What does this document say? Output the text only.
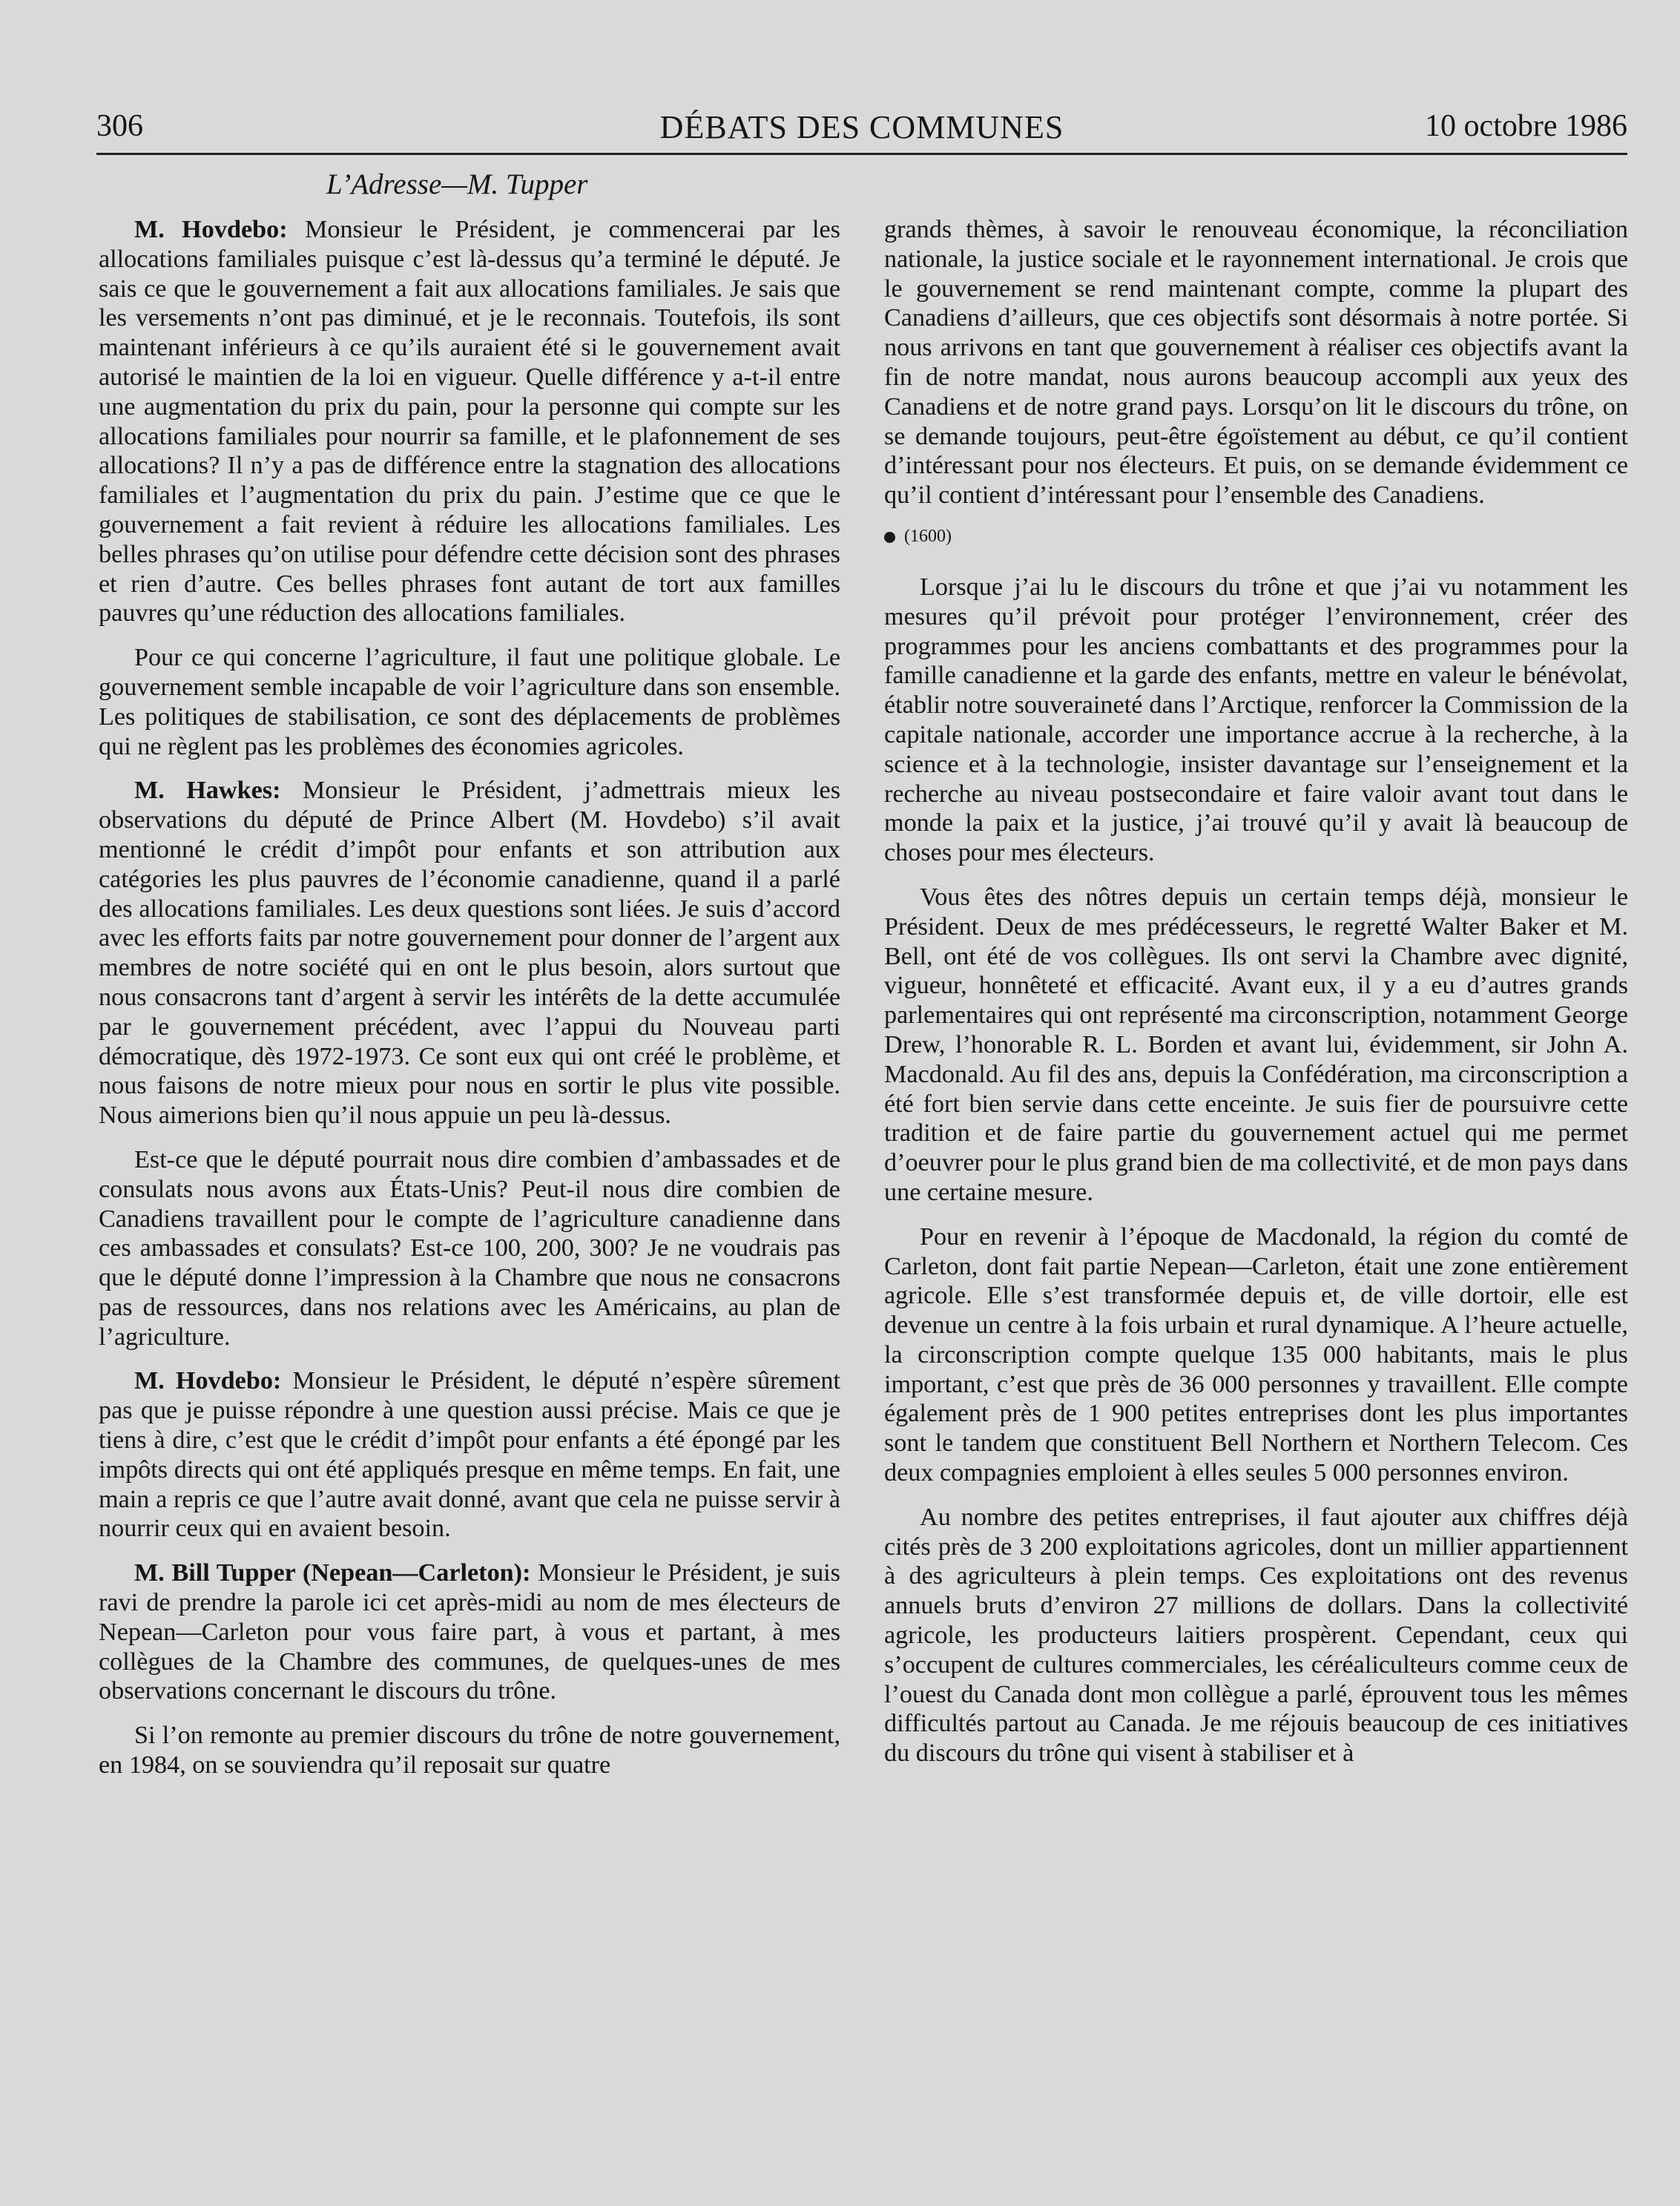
306	DÉBATS DES COMMUNES	10 octobre 1986
L’Adresse—M. Tupper

M. Hovdebo: Monsieur le Président, je commencerai par les allocations familiales puisque c’est là-dessus qu’a terminé le député. Je sais ce que le gouvernement a fait aux allocations familiales. Je sais que les versements n’ont pas diminué, et je le reconnais. Toutefois, ils sont maintenant inférieurs à ce qu’ils auraient été si le gouvernement avait autorisé le maintien de la loi en vigueur. Quelle différence y a-t-il entre une augmentation du prix du pain, pour la personne qui compte sur les allocations familiales pour nourrir sa famille, et le plafonnement de ses allocations? Il n’y a pas de différence entre la stagnation des allocations familiales et l’augmentation du prix du pain. J’estime que ce que le gouvernement a fait revient à réduire les allocations familiales. Les belles phrases qu’on utilise pour défendre cette décision sont des phrases et rien d’autre. Ces belles phrases font autant de tort aux familles pauvres qu’une réduction des allocations familiales.

Pour ce qui concerne l’agriculture, il faut une politique globale. Le gouvernement semble incapable de voir l’agriculture dans son ensemble. Les politiques de stabilisation, ce sont des déplacements de problèmes qui ne règlent pas les problèmes des économies agricoles.

M. Hawkes: Monsieur le Président, j’admettrais mieux les observations du député de Prince Albert (M. Hovdebo) s’il avait mentionné le crédit d’impôt pour enfants et son attribution aux catégories les plus pauvres de l’économie canadienne, quand il a parlé des allocations familiales. Les deux questions sont liées. Je suis d’accord avec les efforts faits par notre gouvernement pour donner de l’argent aux membres de notre société qui en ont le plus besoin, alors surtout que nous consacrons tant d’argent à servir les intérêts de la dette accumulée par le gouvernement précédent, avec l’appui du Nouveau parti démocratique, dès 1972-1973. Ce sont eux qui ont créé le problème, et nous faisons de notre mieux pour nous en sortir le plus vite possible. Nous aimerions bien qu’il nous appuie un peu là-dessus.

Est-ce que le député pourrait nous dire combien d’ambassades et de consulats nous avons aux États-Unis? Peut-il nous dire combien de Canadiens travaillent pour le compte de l’agriculture canadienne dans ces ambassades et consulats? Est-ce 100, 200, 300? Je ne voudrais pas que le député donne l’impression à la Chambre que nous ne consacrons pas de ressources, dans nos relations avec les Américains, au plan de l’agriculture.

M. Hovdebo: Monsieur le Président, le député n’espère sûrement pas que je puisse répondre à une question aussi précise. Mais ce que je tiens à dire, c’est que le crédit d’impôt pour enfants a été épongé par les impôts directs qui ont été appliqués presque en même temps. En fait, une main a repris ce que l’autre avait donné, avant que cela ne puisse servir à nourrir ceux qui en avaient besoin.

M. Bill Tupper (Nepean—Carleton): Monsieur le Président, je suis ravi de prendre la parole ici cet après-midi au nom de mes électeurs de Nepean—Carleton pour vous faire part, à vous et partant, à mes collègues de la Chambre des communes, de quelques-unes de mes observations concernant le discours du trône.

Si l’on remonte au premier discours du trône de notre gouvernement, en 1984, on se souviendra qu’il reposait sur quatre

grands thèmes, à savoir le renouveau économique, la réconciliation nationale, la justice sociale et le rayonnement international. Je crois que le gouvernement se rend maintenant compte, comme la plupart des Canadiens d’ailleurs, que ces objectifs sont désormais à notre portée. Si nous arrivons en tant que gouvernement à réaliser ces objectifs avant la fin de notre mandat, nous aurons beaucoup accompli aux yeux des Canadiens et de notre grand pays. Lorsqu’on lit le discours du trône, on se demande toujours, peut-être égoïstement au début, ce qu’il contient d’intéressant pour nos électeurs. Et puis, on se demande évidemment ce qu’il contient d’intéressant pour l’ensemble des Canadiens.

(1600)

Lorsque j’ai lu le discours du trône et que j’ai vu notamment les mesures qu’il prévoit pour protéger l’environnement, créer des programmes pour les anciens combattants et des programmes pour la famille canadienne et la garde des enfants, mettre en valeur le bénévolat, établir notre souveraineté dans l’Arctique, renforcer la Commission de la capitale nationale, accorder une importance accrue à la recherche, à la science et à la technologie, insister davantage sur l’enseignement et la recherche au niveau postsecondaire et faire valoir avant tout dans le monde la paix et la justice, j’ai trouvé qu’il y avait là beaucoup de choses pour mes électeurs.

Vous êtes des nôtres depuis un certain temps déjà, monsieur le Président. Deux de mes prédécesseurs, le regretté Walter Baker et M. Bell, ont été de vos collègues. Ils ont servi la Chambre avec dignité, vigueur, honnêteté et efficacité. Avant eux, il y a eu d’autres grands parlementaires qui ont représenté ma circonscription, notamment George Drew, l’honorable R. L. Borden et avant lui, évidemment, sir John A. Macdonald. Au fil des ans, depuis la Confédération, ma circonscription a été fort bien servie dans cette enceinte. Je suis fier de poursuivre cette tradition et de faire partie du gouvernement actuel qui me permet d’oeuvrer pour le plus grand bien de ma collectivité, et de mon pays dans une certaine mesure.

Pour en revenir à l’époque de Macdonald, la région du comté de Carleton, dont fait partie Nepean—Carleton, était une zone entièrement agricole. Elle s’est transformée depuis et, de ville dortoir, elle est devenue un centre à la fois urbain et rural dynamique. A l’heure actuelle, la circonscription compte quelque 135 000 habitants, mais le plus important, c’est que près de 36 000 personnes y travaillent. Elle compte également près de 1 900 petites entreprises dont les plus importantes sont le tandem que constituent Bell Northern et Northern Telecom. Ces deux compagnies emploient à elles seules 5 000 personnes environ.

Au nombre des petites entreprises, il faut ajouter aux chiffres déjà cités près de 3 200 exploitations agricoles, dont un millier appartiennent à des agriculteurs à plein temps. Ces exploitations ont des revenus annuels bruts d’environ 27 millions de dollars. Dans la collectivité agricole, les producteurs laitiers prospèrent. Cependant, ceux qui s’occupent de cultures commerciales, les céréaliculteurs comme ceux de l’ouest du Canada dont mon collègue a parlé, éprouvent tous les mêmes difficultés partout au Canada. Je me réjouis beaucoup de ces initiatives du discours du trône qui visent à stabiliser et à
